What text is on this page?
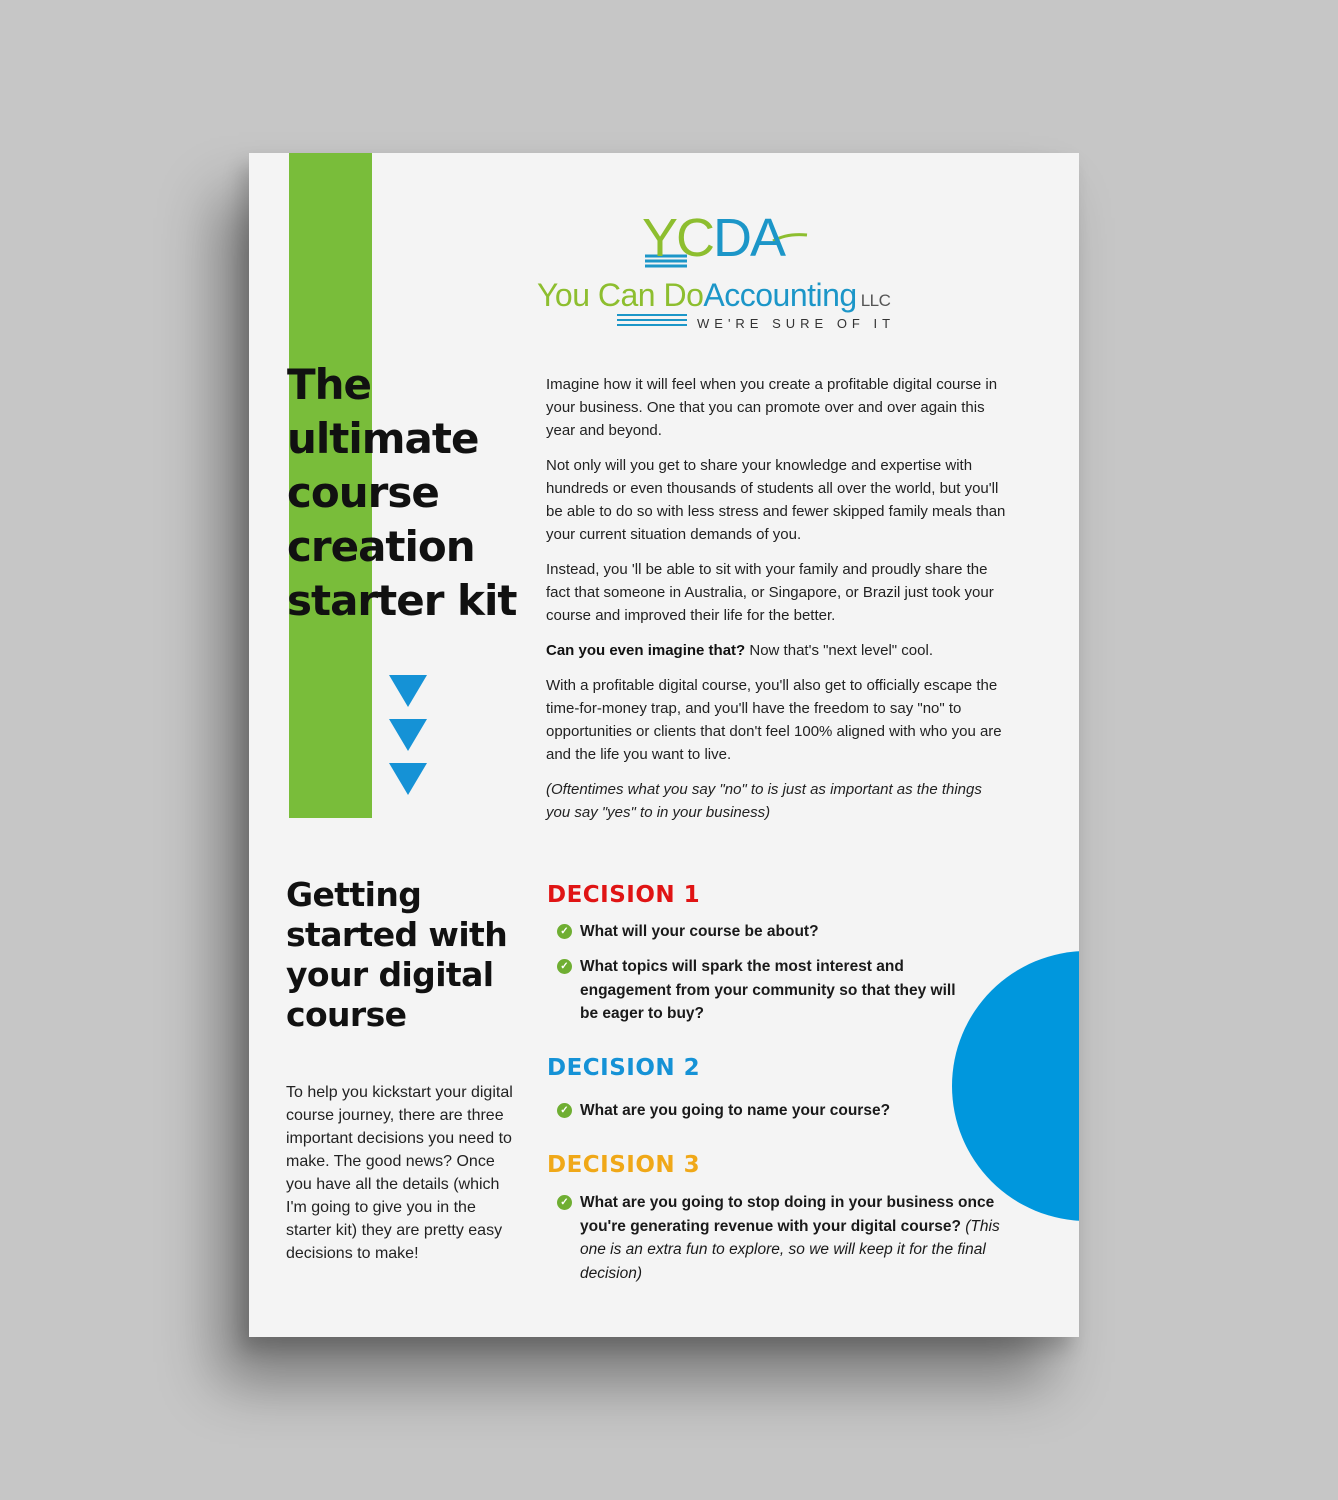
YCDA
You Can DoAccounting LLC
WE'RE SURE OF IT
The ultimate course creation starter kit

Imagine how it will feel when you create a profitable digital course in your business. One that you can promote over and over again this year and beyond.

Not only will you get to share your knowledge and expertise with hundreds or even thousands of students all over the world, but you'll be able to do so with less stress and fewer skipped family meals than your current situation demands of you.

Instead, you 'll be able to sit with your family and proudly share the fact that someone in Australia, or Singapore, or Brazil just took your course and improved their life for the better.

Can you even imagine that? Now that's "next level" cool.

With a profitable digital course, you'll also get to officially escape the time-for-money trap, and you'll have the freedom to say "no" to opportunities or clients that don't feel 100% aligned with who you are and the life you want to live.

(Oftentimes what you say "no" to is just as important as the things you say "yes" to in your business)

Getting started with your digital course

To help you kickstart your digital course journey, there are three important decisions you need to make. The good news? Once you have all the details (which I'm going to give you in the starter kit) they are pretty easy decisions to make!

DECISION 1
✓ What will your course be about?
✓ What topics will spark the most interest and engagement from your community so that they will be eager to buy?
DECISION 2
✓ What are you going to name your course?
DECISION 3
✓ What are you going to stop doing in your business once you're generating revenue with your digital course? (This one is an extra fun to explore, so we will keep it for the final decision)
